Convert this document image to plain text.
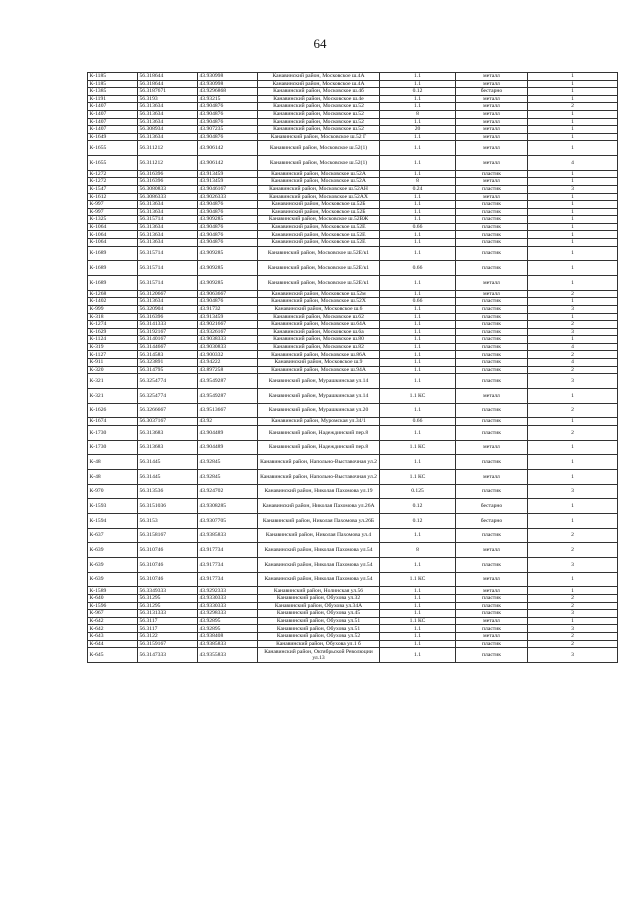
64
К-1185	56.318644	43.930998	Канавинский район, Московское ш.4А	1.1	металл	1
К-1185	56.318644	43.930998	Канавинский район, Московское ш.4А	1.1	металл	1
К-1385	56.3187671	43.9296868	Канавинский район, Московское ш.4б	0.12	бестарно	1
К-1191	56.3193	43.93215	Канавинский район, Московское ш.4е	1.1	металл	1
К-1407	56.313634	43.904876	Канавинский район, Московское ш.52	1.1	металл	2
К-1407	56.313634	43.904876	Канавинский район, Московское ш.52	8	металл	1
К-1407	56.313634	43.904876	Канавинский район, Московское ш.52	1.1	металл	1
К-1407	56.308934	43.907235	Канавинский район, Московское ш.52	20	металл	1
К-1649	56.313634	43.904876	Канавинский район, Московское ш.52 Г	1.1	металл	1
К-1655	56.311212	43.906142	Канавинский район, Московское ш.52(1)	1.1	металл	1
К-1655	56.311212	43.906142	Канавинский район, Московское ш.52(1)	1.1	металл	4
К-1272	56.316396	43.913459	Канавинский район, Московское ш.52А	1.1	пластик	1
К-1272	56.316396	43.913459	Канавинский район, Московское ш.52А	8	металл	1
К-1547	56.3080833	43.9046167	Канавинский район, Московское ш.52АН	0.24	пластик	3
К-1612	56.3086333	43.9026333	Канавинский район, Московское ш.52АХ	1.1	металл	1
К-997	56.313634	43.904876	Канавинский район, Московское ш.52Б	1.1	пластик	1
К-997	56.313634	43.904876	Канавинский район, Московское ш.52Б	1.1	пластик	1
К-1325	56.315714	43.909285	Канавинский район, Московское ш.52ВЖ	1.1	пластик	1
К-1064	56.313634	43.904876	Канавинский район, Московское ш.52Е	0.66	пластик	1
К-1064	56.313634	43.904876	Канавинский район, Московское ш.52Е	1.1	пластик	1
К-1064	56.313634	43.904876	Канавинский район, Московское ш.52Е	1.1	пластик	1
К-1689	56.315714	43.909285	Канавинский район, Московское ш.52Е/к1	1.1	пластик	1
К-1689	56.315714	43.909285	Канавинский район, Московское ш.52Е/к1	0.66	пластик	1
К-1689	56.315714	43.909285	Канавинский район, Московское ш.52Е/к1	1.1	металл	1
К-1268	56.3120667	43.9063667	Канавинский район, Московское ш.52м	1.1	металл	2
К-1402	56.313634	43.904876	Канавинский район, Московское ш.52Х	0.66	пластик	1
К-999	56.320904	43.91732	Канавинский район, Московское ш.6	1.1	пластик	3
К-318	56.316396	43.913459	Канавинский район, Московское ш.62	1.1	пластик	1
К-1274	56.3141333	43.9021667	Канавинский район, Московское ш.64А	1.1	пластик	2
К-1629	56.3192167	43.9326167	Канавинский район, Московское ш.6а	1.1	пластик	3
К-1124	56.3140167	43.9038333	Канавинский район, Московское ш.80	1.1	пластик	1
К-319	56.3144667	43.9030833	Канавинский район, Московское ш.82	1.1	пластик	4
К-1127	56.314583	43.900332	Канавинский район, Московское ш.86А	1.1	пластик	2
К-911	56.323891	43.94222	Канавинский район, Московское ш.9	1.1	пластик	4
К-320	56.314795	43.897258	Канавинский район, Московское ш.94А	1.1	пластик	2
К-321	56.3254774	43.9549287	Канавинский район, Мурашкинская ул.14	1.1	пластик	3
К-321	56.3254774	43.9549287	Канавинский район, Мурашкинская ул.14	1.1 КС	металл	1
К-1626	56.3266667	43.9513667	Канавинский район, Мурашкинская ул.20	1.1	пластик	2
К-1674	56.3037167	43.92	Канавинский район, Муромская ул.34/1	0.66	пластик	1
К-1730	56.313683	43.904489	Канавинский район, Надеждинский пер.8	1.1	пластик	2
К-1730	56.313683	43.904489	Канавинский район, Надеждинский пер.8	1.1 КС	металл	1
К-48	56.31445	43.92845	Канавинский район, Напольно-Выставочная ул.2	1.1	пластик	1
К-48	56.31445	43.92845	Канавинский район, Напольно-Выставочная ул.2	1.1 КС	металл	1
К-970	56.313536	43.924702	Канавинский район, Николая Пахомова ул.19	0.125	пластик	3
К-1593	56.3151036	43.9308285	Канавинский район, Николая Пахомова ул.26А	0.12	бестарно	1
К-1594	56.3153	43.9307705	Канавинский район, Николая Пахомова ул.26Б	0.12	бестарно	1
К-637	56.3158167	43.9385833	Канавинский район, Николая Пахомова ул.4	1.1	пластик	2
К-639	56.310746	43.917734	Канавинский район, Николая Пахомова ул.54	8	металл	2
К-639	56.310746	43.917734	Канавинский район, Николая Пахомова ул.54	1.1	пластик	3
К-639	56.310746	43.917734	Канавинский район, Николая Пахомова ул.54	1.1 КС	металл	1
К-1589	56.3349333	43.9292333	Канавинский район, Нолинская ул.56	1.1	металл	1
К-640	56.31295	43.9330333	Канавинский район, Обухова ул.32	1.1	пластик	2
К-1596	56.31295	43.9330333	Канавинский район, Обухова ул.34А	1.1	пластик	2
К-967	56.3131333	43.9298333	Канавинский район, Обухова ул.45	1.1	пластик	3
К-642	56.3117	43.92895	Канавинский район, Обухова ул.51	1.1 КС	металл	1
К-642	56.3117	43.92895	Канавинский район, Обухова ул.51	1.1	пластик	3
К-643	56.3122	43.938408	Канавинский район, Обухова ул.52	1.1	металл	2
К-644	56.3159167	43.9385833	Канавинский район, Обухова ул.1 б	1.1	пластик	2
К-645	56.3147333	43.9355833	Канавинский район, Октябрьской Революции ул.13	1.1	пластик	3
